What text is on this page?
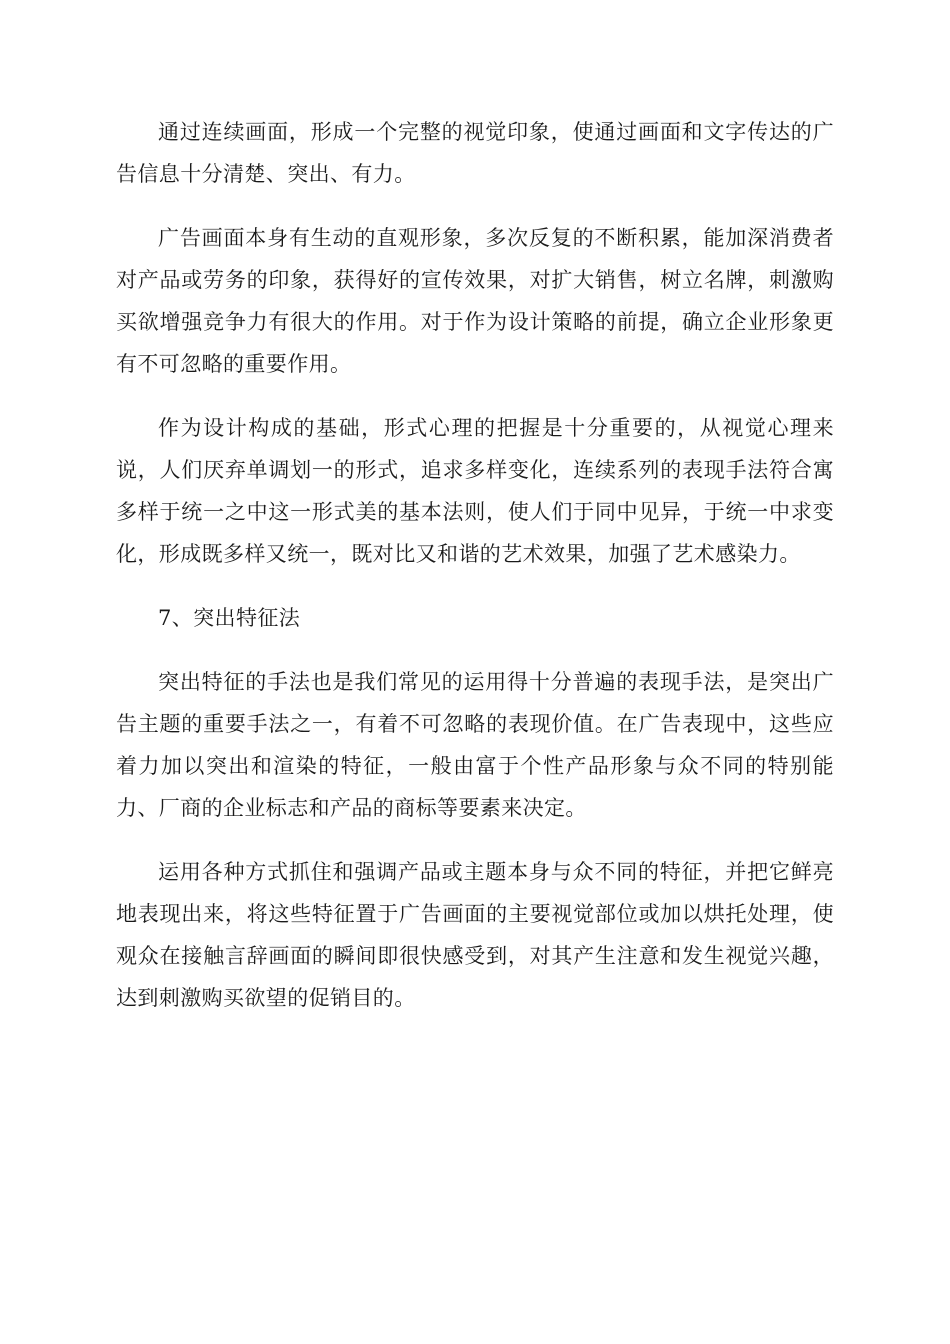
通过连续画面，形成一个完整的视觉印象，使通过画面和文字传达的广告信息十分清楚、突出、有力。

广告画面本身有生动的直观形象，多次反复的不断积累，能加深消费者对产品或劳务的印象，获得好的宣传效果，对扩大销售，树立名牌，刺激购买欲增强竞争力有很大的作用。对于作为设计策略的前提，确立企业形象更有不可忽略的重要作用。

作为设计构成的基础，形式心理的把握是十分重要的，从视觉心理来说，人们厌弃单调划一的形式，追求多样变化，连续系列的表现手法符合寓多样于统一之中这一形式美的基本法则，使人们于同中见异，于统一中求变化，形成既多样又统一，既对比又和谐的艺术效果，加强了艺术感染力。

7、突出特征法

突出特征的手法也是我们常见的运用得十分普遍的表现手法，是突出广告主题的重要手法之一，有着不可忽略的表现价值。在广告表现中，这些应着力加以突出和渲染的特征，一般由富于个性产品形象与众不同的特别能力、厂商的企业标志和产品的商标等要素来决定。

运用各种方式抓住和强调产品或主题本身与众不同的特征，并把它鲜亮地表现出来，将这些特征置于广告画面的主要视觉部位或加以烘托处理，使观众在接触言辞画面的瞬间即很快感受到，对其产生注意和发生视觉兴趣，达到刺激购买欲望的促销目的。
